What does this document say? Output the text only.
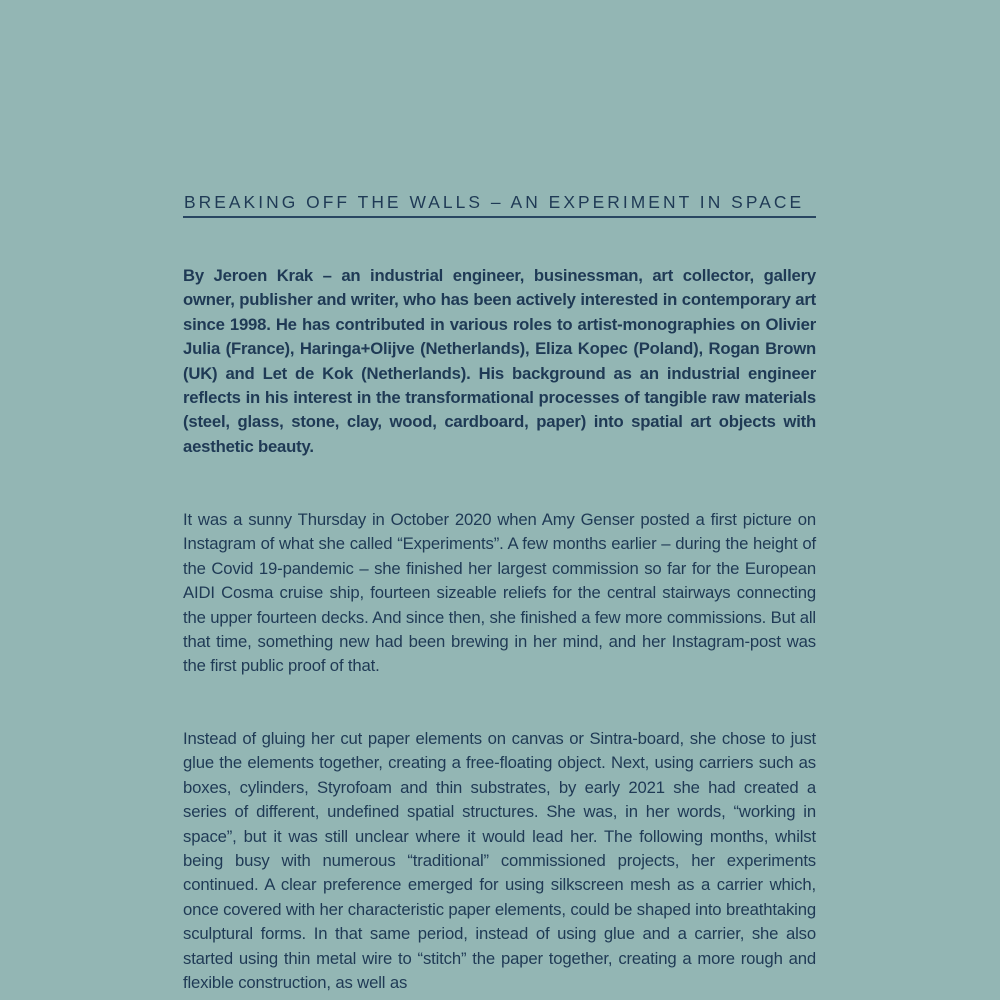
BREAKING OFF THE WALLS – AN EXPERIMENT IN SPACE

By Jeroen Krak – an industrial engineer, businessman, art collector, gallery owner, publisher and writer, who has been actively interested in contemporary art since 1998. He has contributed in various roles to artist-monographies on Olivier Julia (France), Haringa+Olijve (Netherlands), Eliza Kopec (Poland), Rogan Brown (UK) and Let de Kok (Netherlands). His background as an industrial engineer reflects in his interest in the transformational processes of tangible raw materials (steel, glass, stone, clay, wood, cardboard, paper) into spatial art objects with aesthetic beauty.

It was a sunny Thursday in October 2020 when Amy Genser posted a first picture on Instagram of what she called “Experiments”. A few months earlier – during the height of the Covid 19-pandemic – she finished her largest commission so far for the European AIDI Cosma cruise ship, fourteen sizeable reliefs for the central stairways connecting the upper fourteen decks. And since then, she finished a few more commissions. But all that time, something new had been brewing in her mind, and her Instagram-post was the first public proof of that.

Instead of gluing her cut paper elements on canvas or Sintra-board, she chose to just glue the elements together, creating a free-floating object. Next, using carriers such as boxes, cylinders, Styrofoam and thin substrates, by early 2021 she had created a series of different, undefined spatial structures. She was, in her words, “working in space”, but it was still unclear where it would lead her. The following months, whilst being busy with numerous “traditional” commissioned projects, her experiments continued. A clear preference emerged for using silkscreen mesh as a carrier which, once covered with her characteristic paper elements, could be shaped into breathtaking sculptural forms. In that same period, instead of using glue and a carrier, she also started using thin metal wire to “stitch” the paper together, creating a more rough and flexible construction, as well as
